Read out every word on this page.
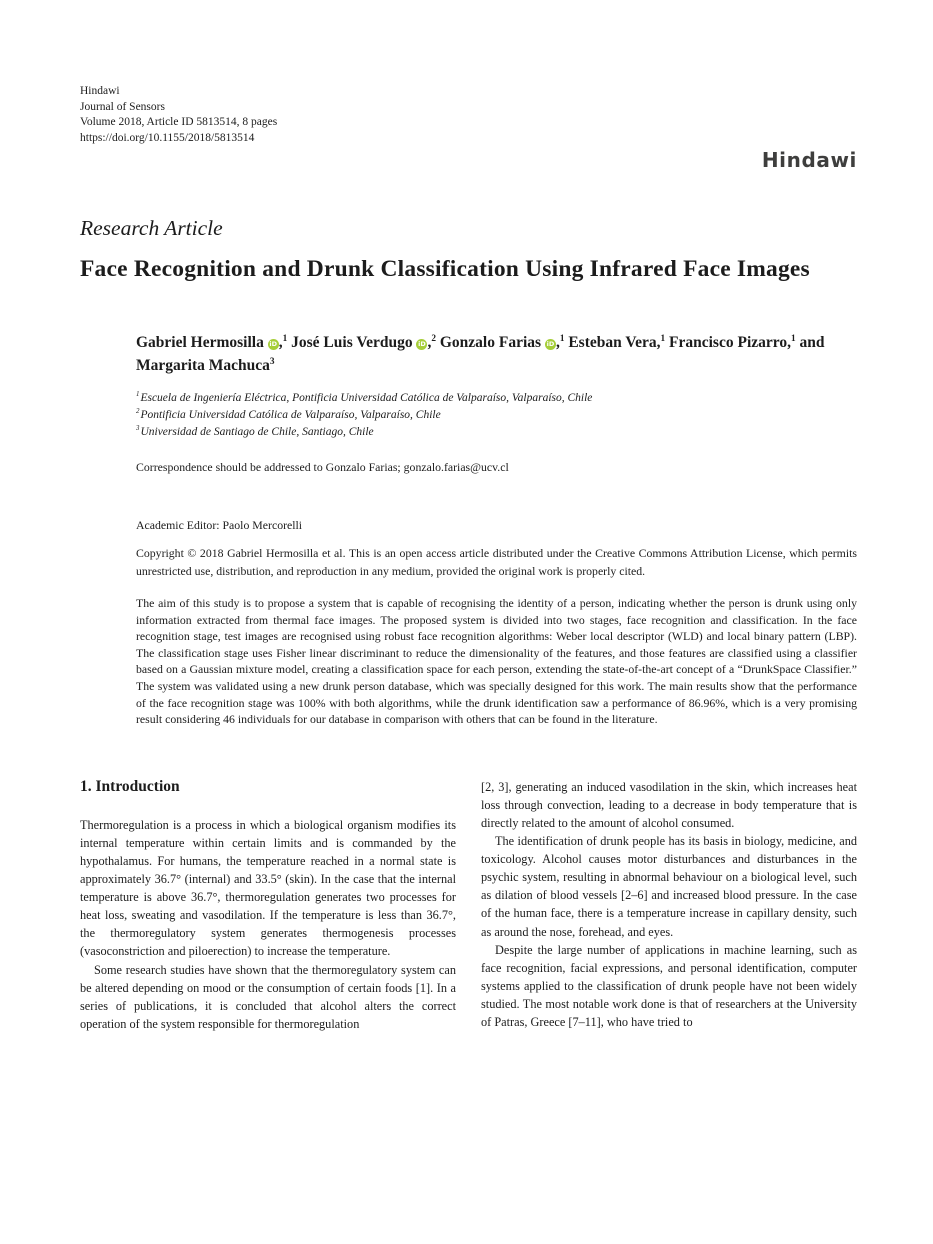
Hindawi
Journal of Sensors
Volume 2018, Article ID 5813514, 8 pages
https://doi.org/10.1155/2018/5813514
Hindawi
Research Article
Face Recognition and Drunk Classification Using Infrared Face Images
Gabriel Hermosilla iD ,$^1$ José Luis Verdugo iD ,$^2$ Gonzalo Farias iD ,$^1$ Esteban Vera,$^1$ Francisco Pizarro,$^1$ and Margarita Machuca$^3$
$^1$Escuela de Ingeniería Eléctrica, Pontificia Universidad Católica de Valparaíso, Valparaíso, Chile
$^2$Pontificia Universidad Católica de Valparaíso, Valparaíso, Chile
$^3$Universidad de Santiago de Chile, Santiago, Chile
Correspondence should be addressed to Gonzalo Farias; gonzalo.farias@ucv.cl
Academic Editor: Paolo Mercorelli
Copyright © 2018 Gabriel Hermosilla et al. This is an open access article distributed under the Creative Commons Attribution License, which permits unrestricted use, distribution, and reproduction in any medium, provided the original work is properly cited.
The aim of this study is to propose a system that is capable of recognising the identity of a person, indicating whether the person is drunk using only information extracted from thermal face images. The proposed system is divided into two stages, face recognition and classification. In the face recognition stage, test images are recognised using robust face recognition algorithms: Weber local descriptor (WLD) and local binary pattern (LBP). The classification stage uses Fisher linear discriminant to reduce the dimensionality of the features, and those features are classified using a classifier based on a Gaussian mixture model, creating a classification space for each person, extending the state-of-the-art concept of a “DrunkSpace Classifier.” The system was validated using a new drunk person database, which was specially designed for this work. The main results show that the performance of the face recognition stage was 100% with both algorithms, while the drunk identification saw a performance of 86.96%, which is a very promising result considering 46 individuals for our database in comparison with others that can be found in the literature.
1. Introduction

Thermoregulation is a process in which a biological organism modifies its internal temperature within certain limits and is commanded by the hypothalamus. For humans, the temperature reached in a normal state is approximately 36.7° (internal) and 33.5° (skin). In the case that the internal temperature is above 36.7°, thermoregulation generates two processes for heat loss, sweating and vasodilation. If the temperature is less than 36.7°, the thermoregulatory system generates thermogenesis processes (vasoconstriction and piloerection) to increase the temperature.

Some research studies have shown that the thermoregulatory system can be altered depending on mood or the consumption of certain foods [1]. In a series of publications, it is concluded that alcohol alters the correct operation of the system responsible for thermoregulation

[2, 3], generating an induced vasodilation in the skin, which increases heat loss through convection, leading to a decrease in body temperature that is directly related to the amount of alcohol consumed.

The identification of drunk people has its basis in biology, medicine, and toxicology. Alcohol causes motor disturbances and disturbances in the psychic system, resulting in abnormal behaviour on a biological level, such as dilation of blood vessels [2–6] and increased blood pressure. In the case of the human face, there is a temperature increase in capillary density, such as around the nose, forehead, and eyes.

Despite the large number of applications in machine learning, such as face recognition, facial expressions, and personal identification, computer systems applied to the classification of drunk people have not been widely studied. The most notable work done is that of researchers at the University of Patras, Greece [7–11], who have tried to
